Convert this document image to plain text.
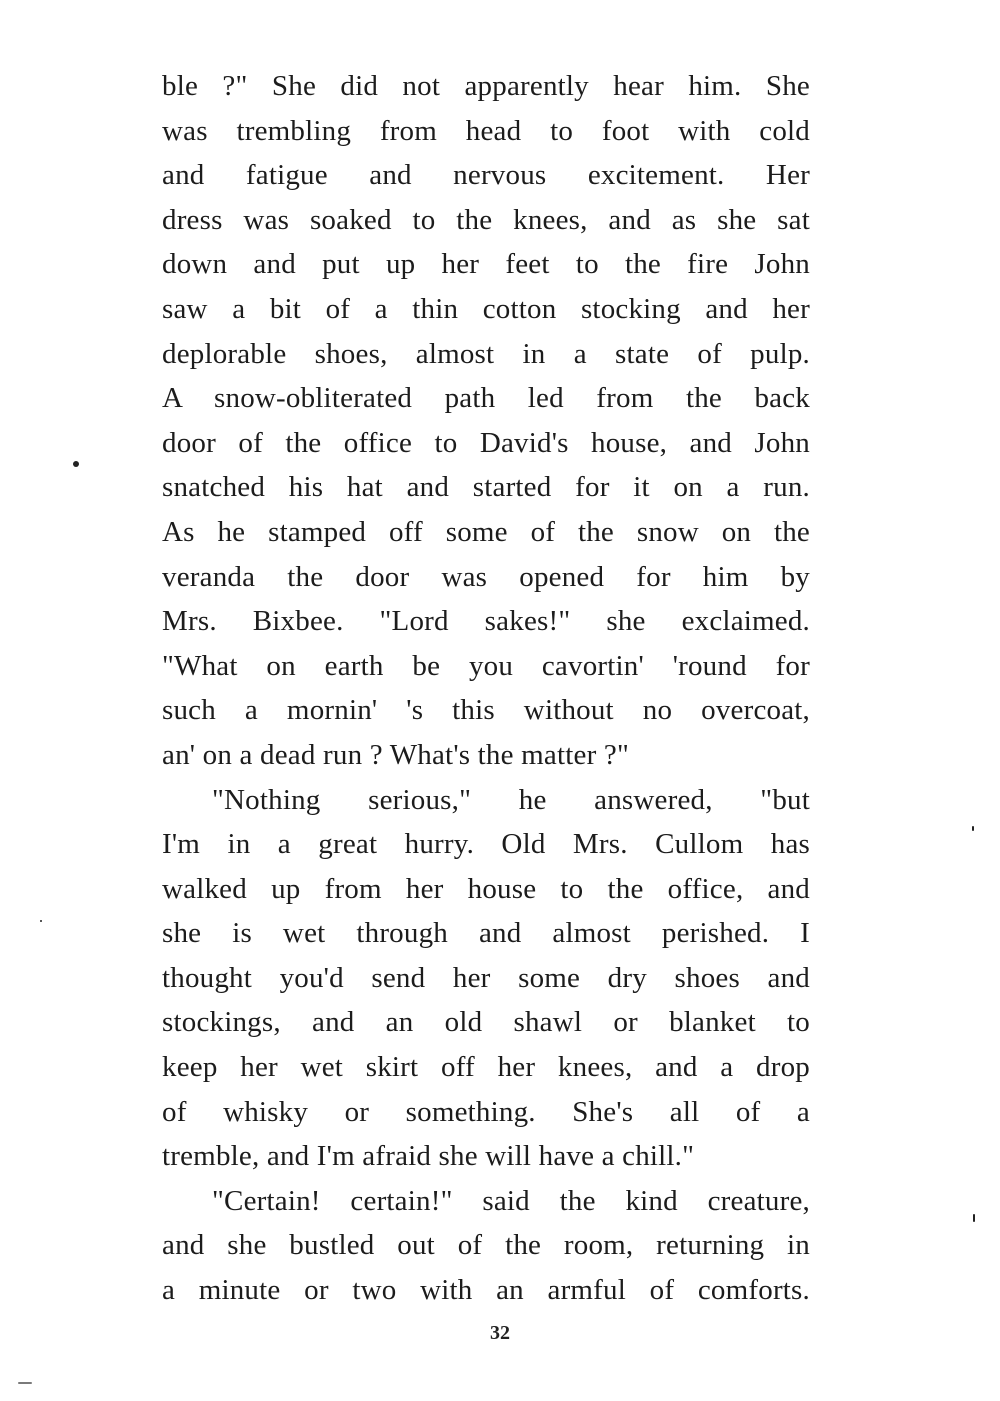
ble ?" She did not apparently hear him. She
was trembling from head to foot with cold
and fatigue and nervous excitement. Her
dress was soaked to the knees, and as she sat
down and put up her feet to the fire John
saw a bit of a thin cotton stocking and her
deplorable shoes, almost in a state of pulp.
A snow-obliterated path led from the back
door of the office to David's house, and John
snatched his hat and started for it on a run.
As he stamped off some of the snow on the
veranda the door was opened for him by
Mrs. Bixbee. "Lord sakes!" she exclaimed.
"What on earth be you cavortin' 'round for
such a mornin' 's this without no overcoat,
an' on a dead run ? What's the matter ?"
"Nothing serious," he answered, "but
I'm in a great hurry. Old Mrs. Cullom has
walked up from her house to the office, and
she is wet through and almost perished. I
thought you'd send her some dry shoes and
stockings, and an old shawl or blanket to
keep her wet skirt off her knees, and a drop
of whisky or something. She's all of a
tremble, and I'm afraid she will have a chill."
"Certain! certain!" said the kind creature,
and she bustled out of the room, returning in
a minute or two with an armful of comforts.
32
